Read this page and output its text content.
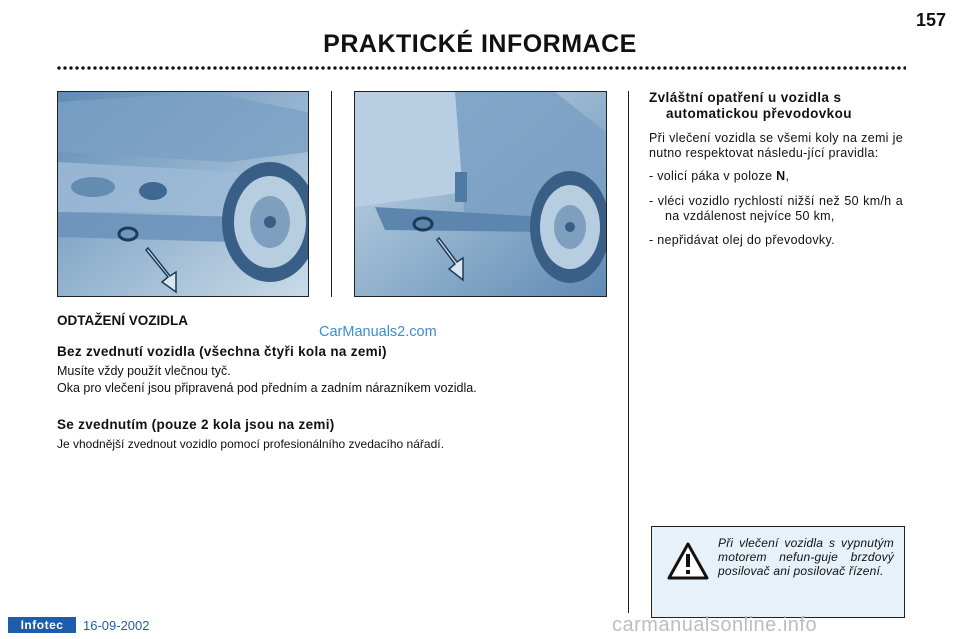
PRAKTICKÉ INFORMACE
157
ODTAŽENÍ VOZIDLA
CarManuals2.com
Bez zvednutí vozidla (všechna čtyři kola na zemi)
Musíte vždy použít vlečnou tyč.
Oka pro vlečení jsou připravená pod předním a zadním nárazníkem vozidla.
Se zvednutím (pouze 2 kola jsou na zemi)
Je vhodnější zvednout vozidlo pomocí profesionálního zvedacího nářadí.
Zvláštní opatření u vozidla s
automatickou převodovkou
Při vlečení vozidla se všemi koly na zemi je nutno respektovat následu-jící pravidla:
- volicí páka v poloze N,
- vléci vozidlo rychlostí nižší než 50 km/h a na vzdálenost nejvíce 50 km,
- nepřidávat olej do převodovky.
Při vlečení vozidla s vypnutým motorem nefun-guje brzdový posilovač ani posilovač řízení.
Infotec	16-09-2002	carmanualsonline.info
